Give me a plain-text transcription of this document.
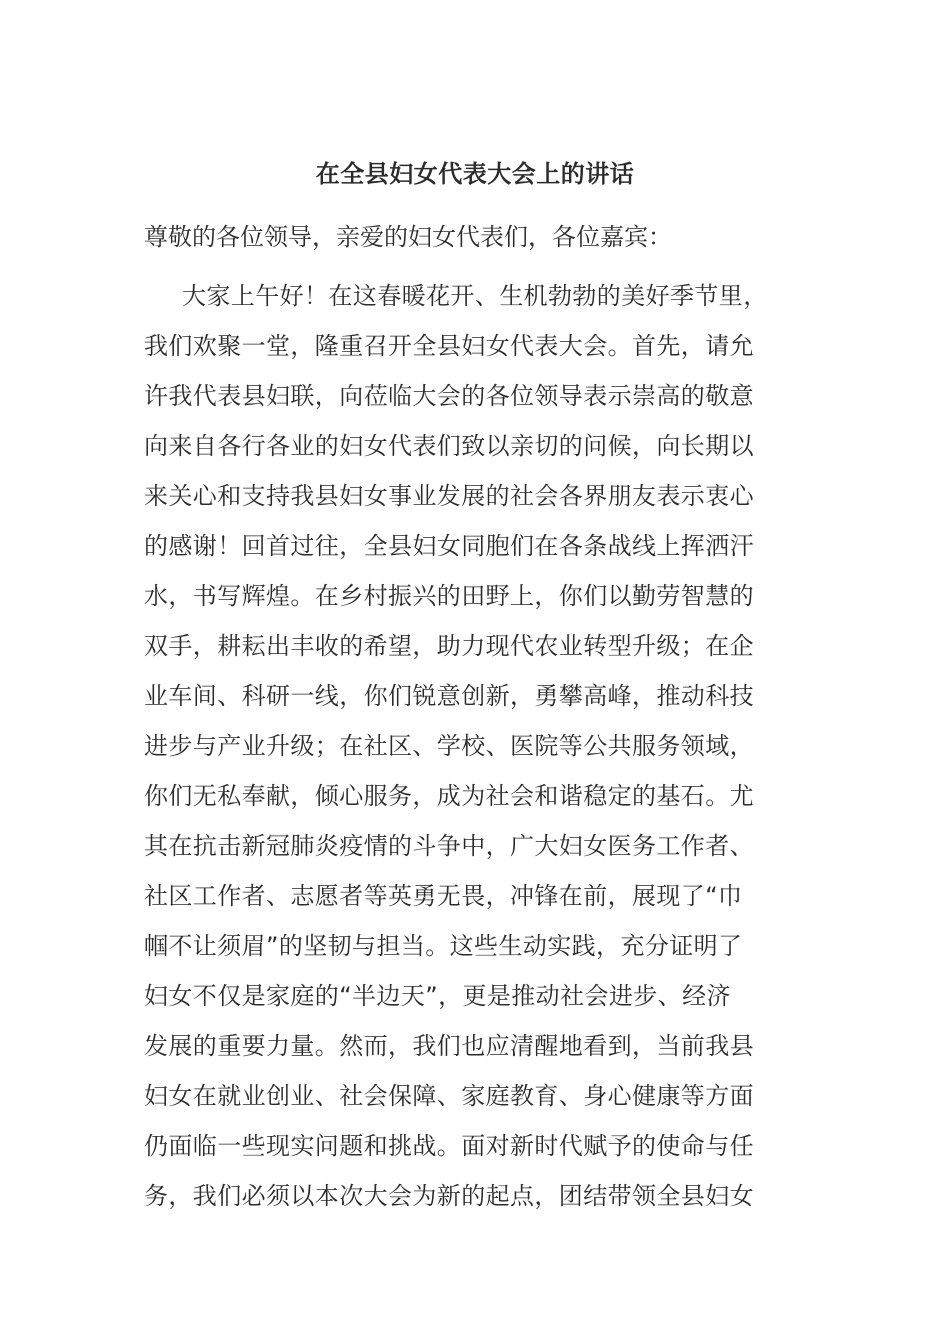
在全县妇女代表大会上的讲话
尊敬的各位领导，亲爱的妇女代表们，各位嘉宾：
大家上午好！在这春暖花开、生机勃勃的美好季节里，
我们欢聚一堂，隆重召开全县妇女代表大会。首先，请允
许我代表县妇联，向莅临大会的各位领导表示崇高的敬意
向来自各行各业的妇女代表们致以亲切的问候，向长期以
来关心和支持我县妇女事业发展的社会各界朋友表示衷心
的感谢！回首过往，全县妇女同胞们在各条战线上挥洒汗
水，书写辉煌。在乡村振兴的田野上，你们以勤劳智慧的
双手，耕耘出丰收的希望，助力现代农业转型升级；在企
业车间、科研一线，你们锐意创新，勇攀高峰，推动科技
进步与产业升级；在社区、学校、医院等公共服务领域，
你们无私奉献，倾心服务，成为社会和谐稳定的基石。尤
其在抗击新冠肺炎疫情的斗争中，广大妇女医务工作者、
社区工作者、志愿者等英勇无畏，冲锋在前，展现了“巾
帼不让须眉”的坚韧与担当。这些生动实践，充分证明了
妇女不仅是家庭的“半边天”，更是推动社会进步、经济
发展的重要力量。然而，我们也应清醒地看到，当前我县
妇女在就业创业、社会保障、家庭教育、身心健康等方面
仍面临一些现实问题和挑战。面对新时代赋予的使命与任
务，我们必须以本次大会为新的起点，团结带领全县妇女
